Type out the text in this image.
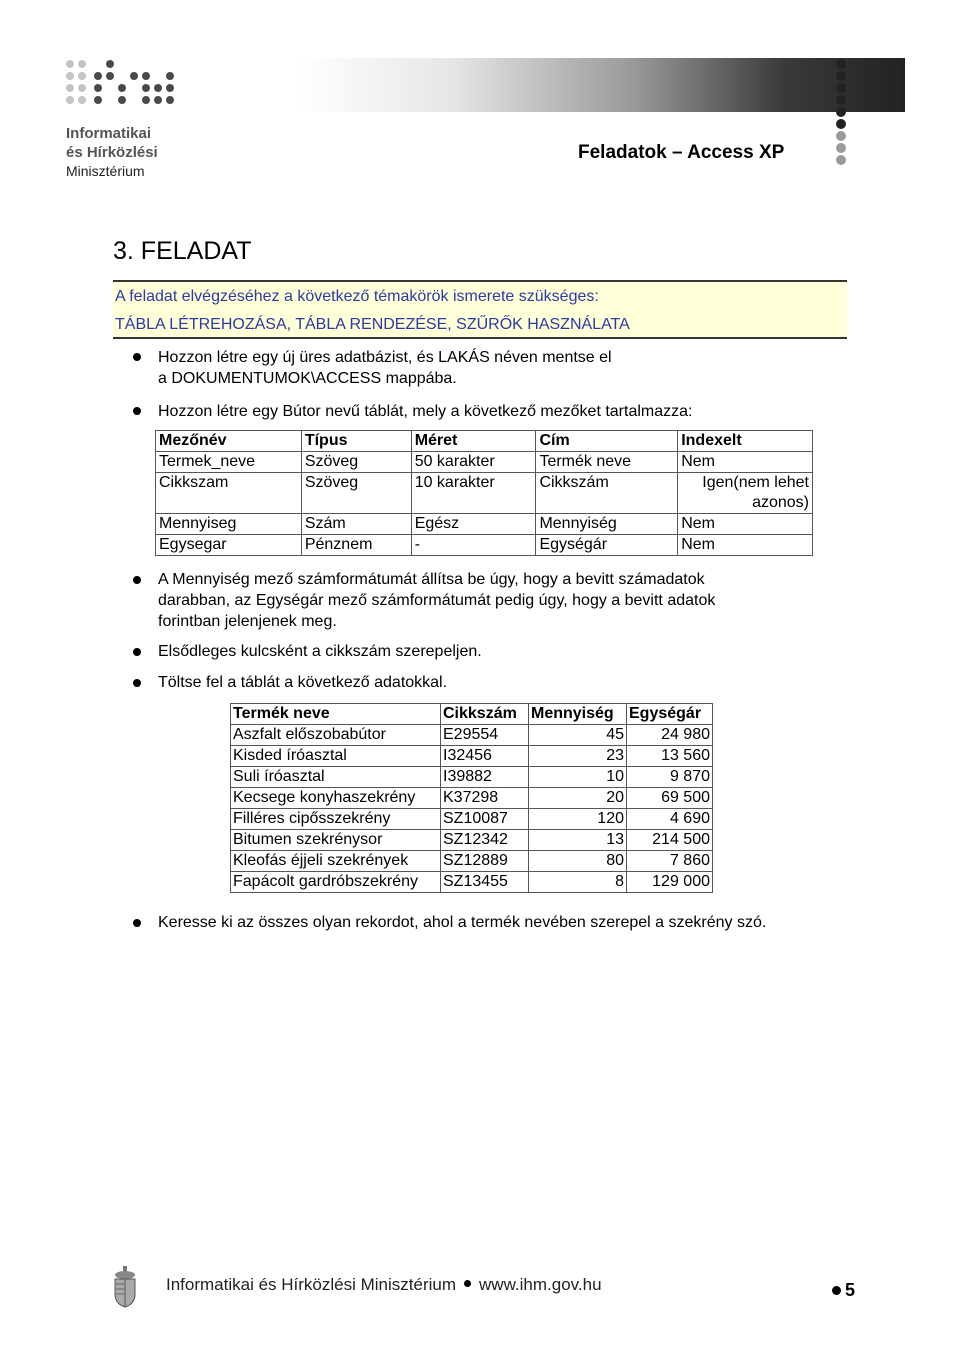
Informatikai
és Hírközlési
Minisztérium
Feladatok – Access XP
3. FELADAT
A feladat elvégzéséhez a következő témakörök ismerete szükséges:
TÁBLA LÉTREHOZÁSA, TÁBLA RENDEZÉSE, SZŰRŐK HASZNÁLATA
Hozzon létre egy új üres adatbázist, és LAKÁS néven mentse el
a DOKUMENTUMOK\ACCESS mappába.
Hozzon létre egy Bútor nevű táblát, mely a következő mezőket tartalmazza:
Mezőnév	Típus	Méret	Cím	Indexelt
Termek_neve	Szöveg	50 karakter	Termék neve	Nem
Cikkszam	Szöveg	10 karakter	Cikkszám	Igen(nem lehet azonos)
Mennyiseg	Szám	Egész	Mennyiség	Nem
Egysegar	Pénznem	-	Egységár	Nem
A Mennyiség mező számformátumát állítsa be úgy, hogy a bevitt számadatok
darabban, az Egységár mező számformátumát pedig úgy, hogy a bevitt adatok
forintban jelenjenek meg.
Elsődleges kulcsként a cikkszám szerepeljen.
Töltse fel a táblát a következő adatokkal.
Termék neve	Cikkszám	Mennyiség	Egységár
Aszfalt előszobabútor	E29554	45	24 980
Kisded íróasztal	I32456	23	13 560
Suli íróasztal	I39882	10	9 870
Kecsege konyhaszekrény	K37298	20	69 500
Filléres cipősszekrény	SZ10087	120	4 690
Bitumen szekrénysor	SZ12342	13	214 500
Kleofás éjjeli szekrények	SZ12889	80	7 860
Fapácolt gardróbszekrény	SZ13455	8	129 000
Keresse ki az összes olyan rekordot, ahol a termék nevében szerepel a szekrény szó.
Informatikai és Hírközlési Minisztérium www.ihm.gov.hu	5
